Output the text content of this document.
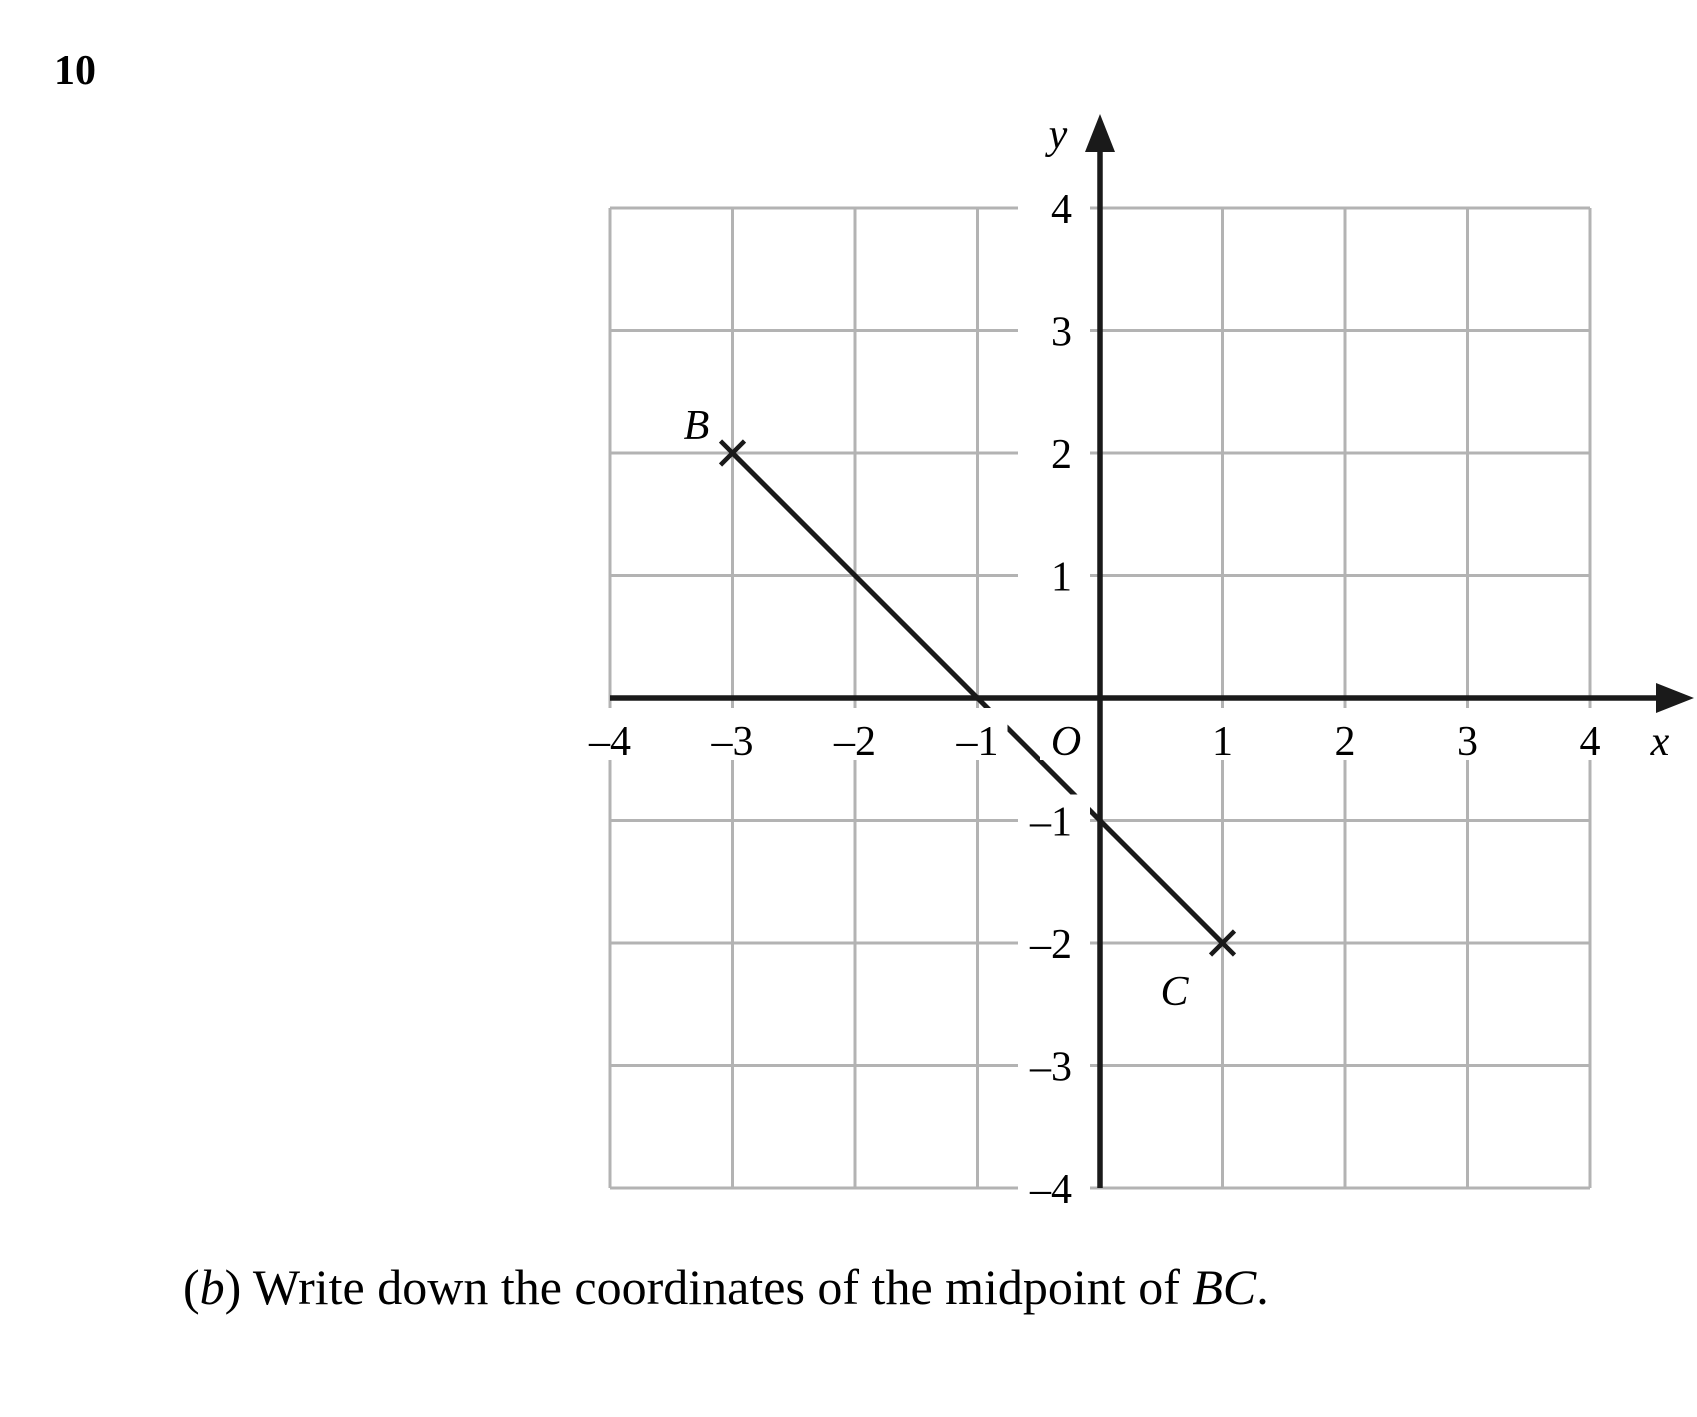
10
B
C
–4 –3 –2 –1	1 2 3 4
4
3
2
1
–1
–2
–3
–4
O	x
y
(b) Write down the coordinates of the midpoint of BC.
